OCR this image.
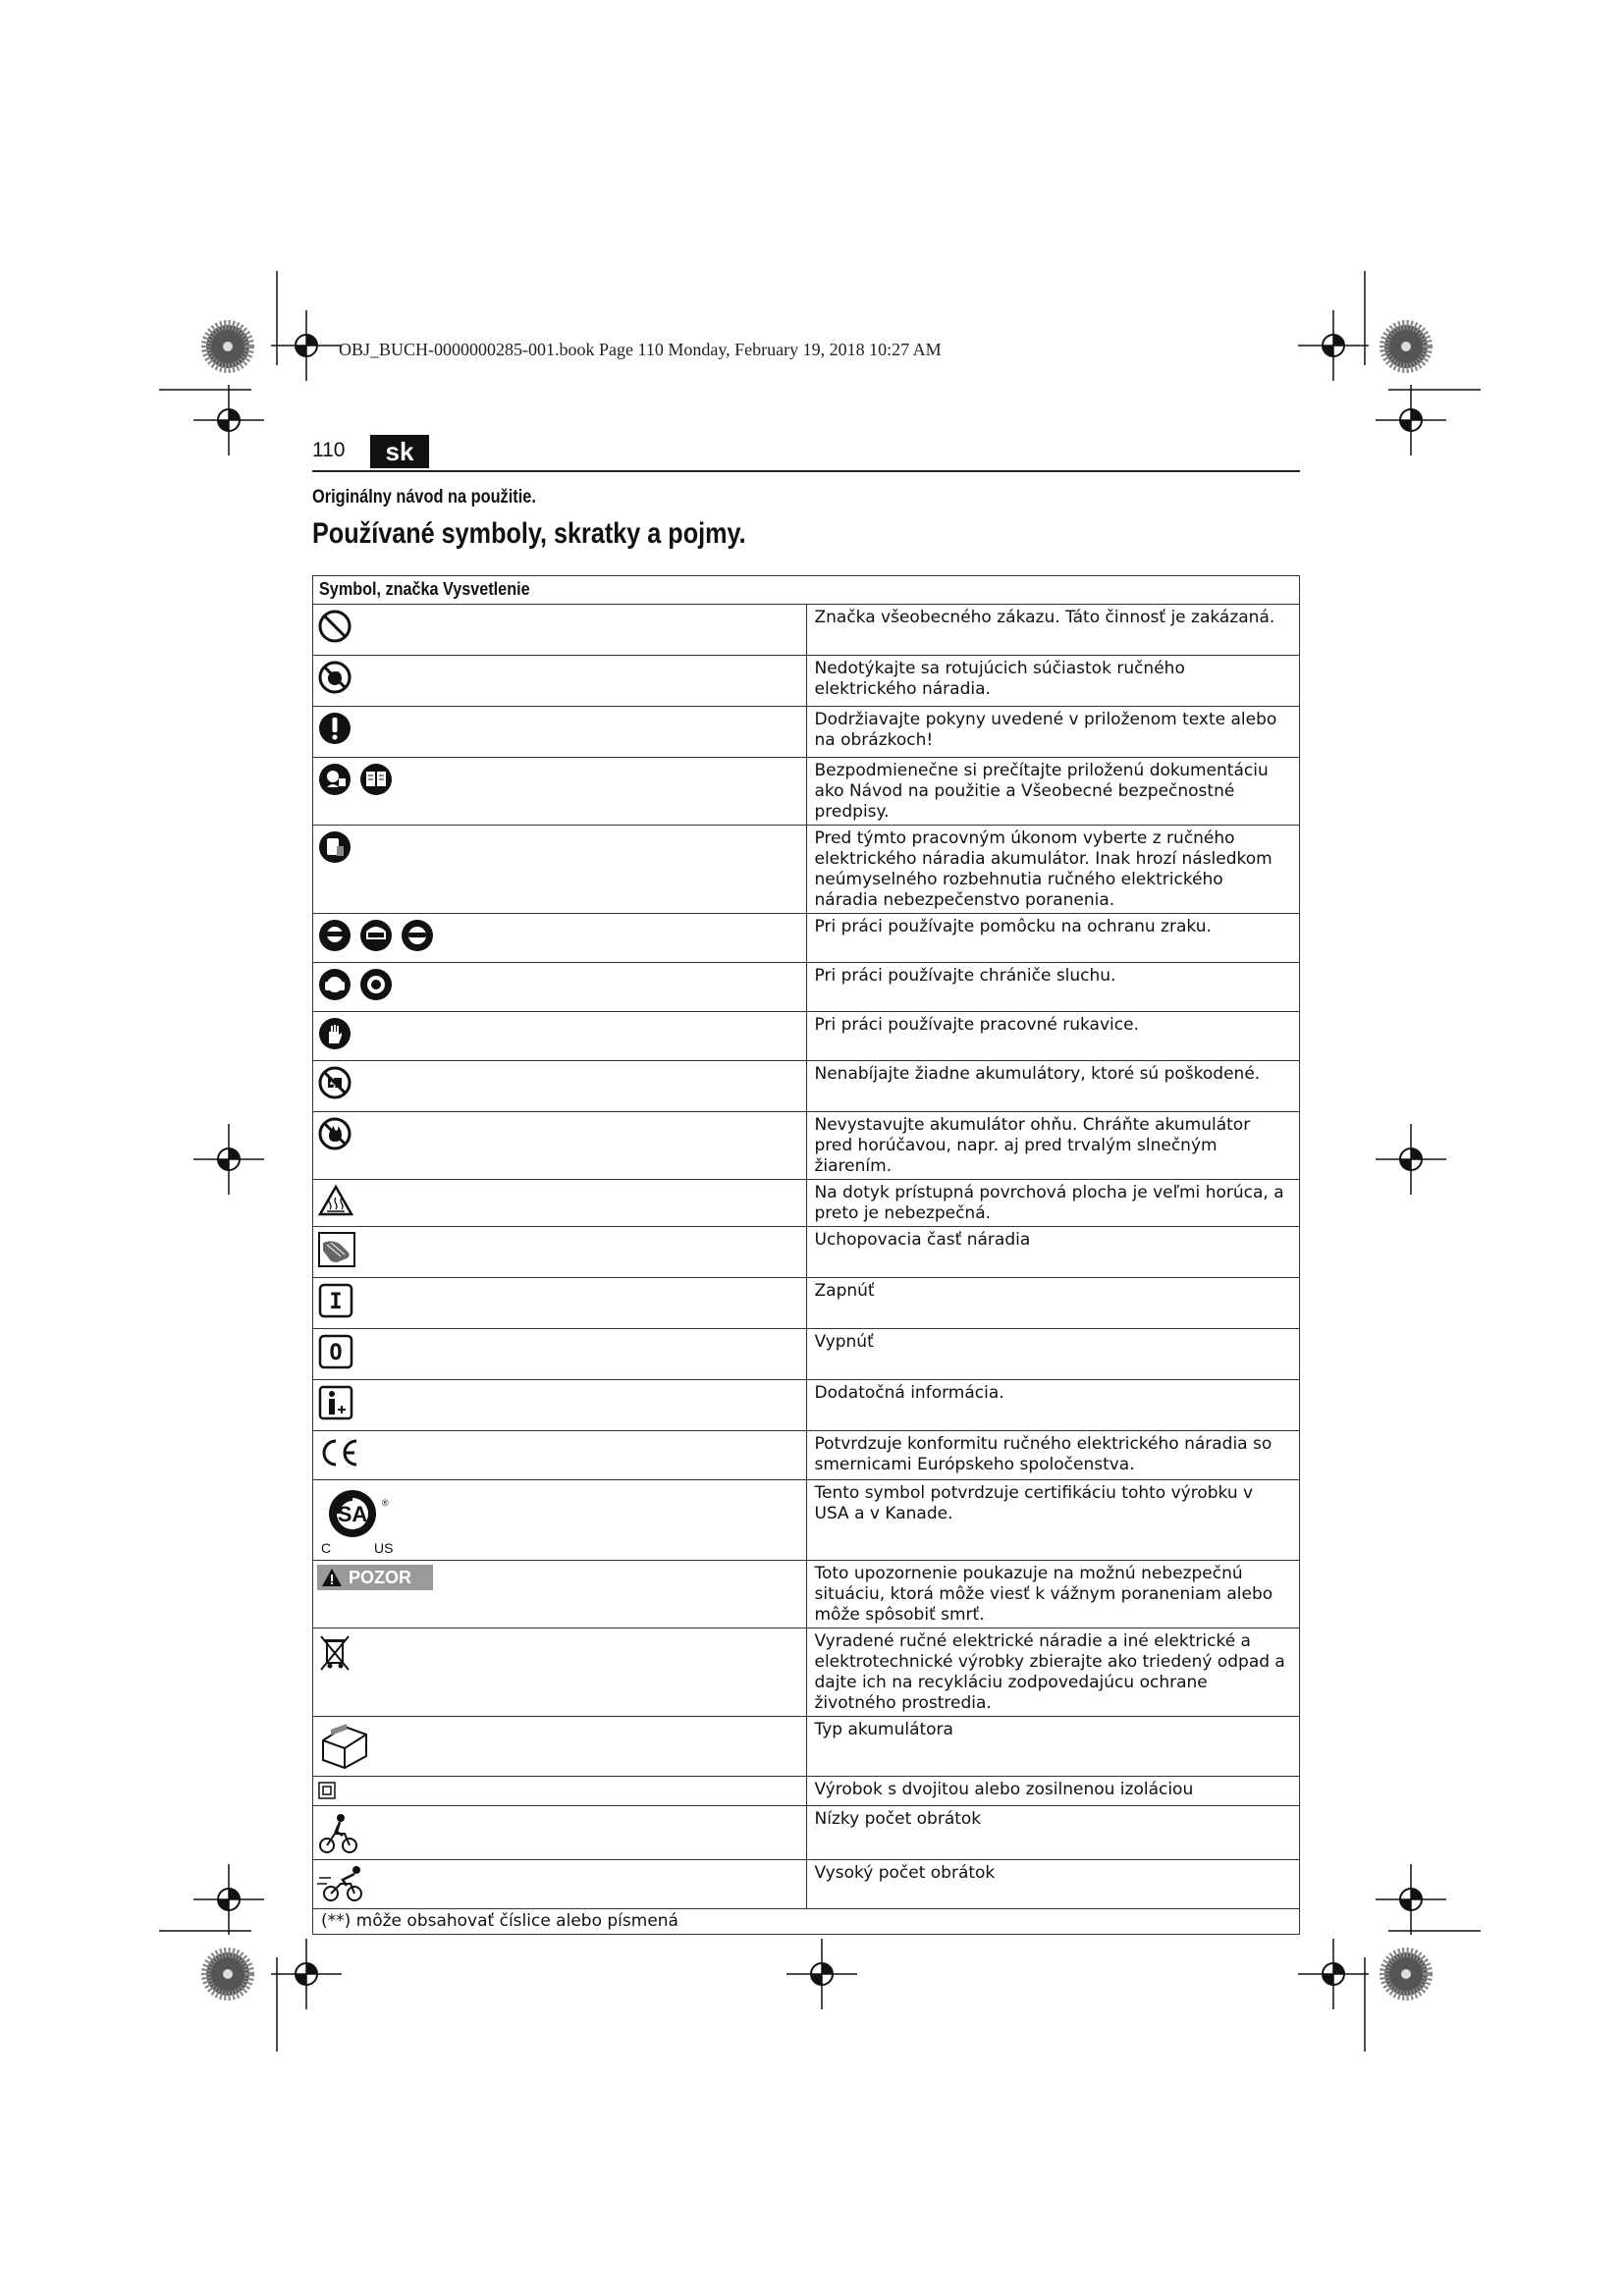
OBJ_BUCH-0000000285-001.book Page 110 Monday, February 19, 2018 10:27 AM
110	sk
Originálny návod na použitie.
Používané symboly, skratky a pojmy.
Symbol, značka Vysvetlenie	

	Značka všeobecného zákazu. Táto činnosť je zakázaná.

	Nedotýkajte sa rotujúcich súčiastok ručného elektrického náradia.

	Dodržiavajte pokyny uvedené v priloženom texte alebo na obrázkoch!

	Bezpodmienečne si prečítajte priloženú dokumentáciu ako Návod na použitie a Všeobecné bezpečnostné predpisy.

	Pred týmto pracovným úkonom vyberte z ručného elektrického náradia akumulátor. Inak hrozí následkom neúmyselného rozbehnutia ručného elektrického náradia nebezpečenstvo poranenia.

	Pri práci používajte pomôcku na ochranu zraku.

	Pri práci používajte chrániče sluchu.

	Pri práci používajte pracovné rukavice.

	Nenabíjajte žiadne akumulátory, ktoré sú poškodené.

	Nevystavujte akumulátor ohňu. Chráňte akumulátor pred horúčavou, napr. aj pred trvalým slnečným žiarením.

	Na dotyk prístupná povrchová plocha je veľmi horúca, a preto je nebezpečná.

	Uchopovacia časť náradia

I	Zapnúť

O	Vypnúť

	Dodatočná informácia.

	Potvrdzuje konformitu ručného elektrického náradia so smernicami Európskeho spoločenstva.

SA ®
C US	Tento symbol potvrdzuje certifikáciu tohto výrobku v USA a v Kanade.

POZOR	Toto upozornenie poukazuje na možnú nebezpečnú situáciu, ktorá môže viesť k vážnym poraneniam alebo môže spôsobiť smrť.

	Vyradené ručné elektrické náradie a iné elektrické a elektrotechnické výrobky zbierajte ako triedený odpad a dajte ich na recykláciu zodpovedajúcu ochrane životného prostredia.

	Typ akumulátora

	Výrobok s dvojitou alebo zosilnenou izoláciou

	Nízky počet obrátok

	Vysoký počet obrátok
(**) môže obsahovať číslice alebo písmená	
